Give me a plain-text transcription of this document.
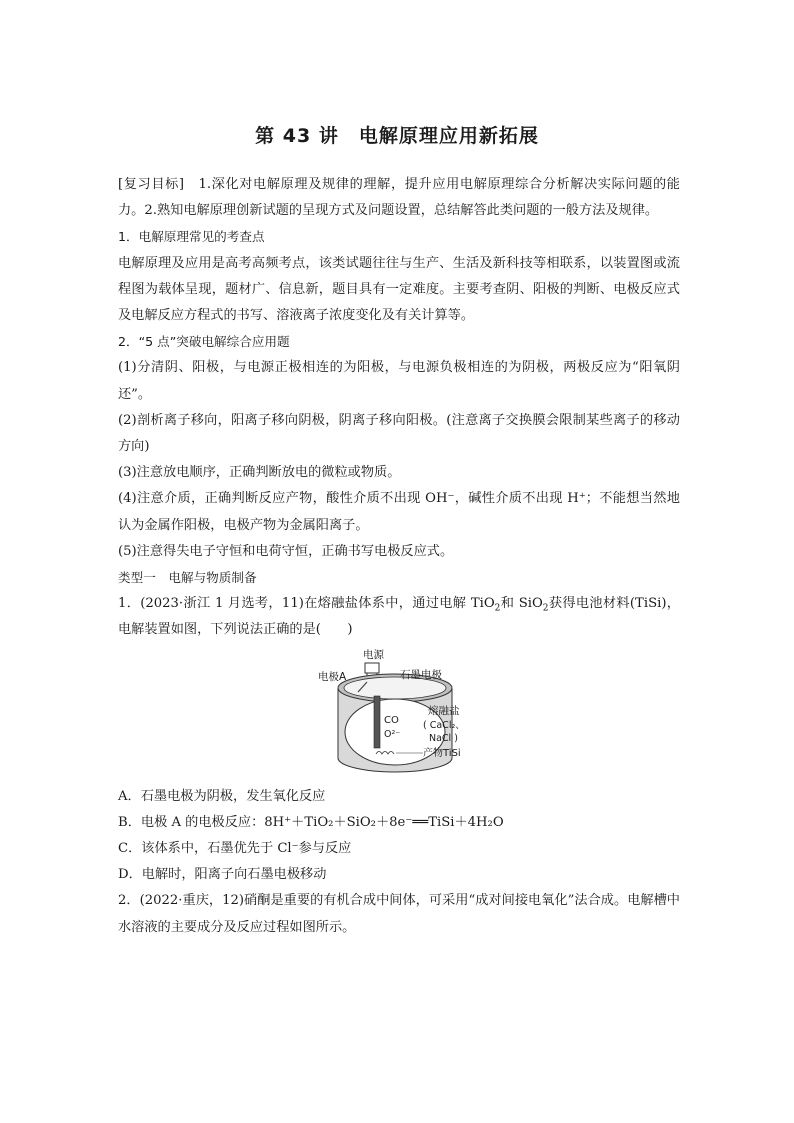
第 43 讲　电解原理应用新拓展

[复习目标]　1.深化对电解原理及规律的理解，提升应用电解原理综合分析解决实际问题的能力。2.熟知电解原理创新试题的呈现方式及问题设置，总结解答此类问题的一般方法及规律。

1．电解原理常见的考查点

电解原理及应用是高考高频考点，该类试题往往与生产、生活及新科技等相联系，以装置图或流程图为载体呈现，题材广、信息新，题目具有一定难度。主要考查阴、阳极的判断、电极反应式及电解反应方程式的书写、溶液离子浓度变化及有关计算等。

2．“5 点”突破电解综合应用题

(1)分清阴、阳极，与电源正极相连的为阳极，与电源负极相连的为阴极，两极反应为“阳氧阴还”。

(2)剖析离子移向，阳离子移向阴极，阴离子移向阳极。(注意离子交换膜会限制某些离子的移动方向)

(3)注意放电顺序，正确判断放电的微粒或物质。

(4)注意介质，正确判断反应产物，酸性介质不出现 OH⁻，碱性介质不出现 H⁺；不能想当然地认为金属作阳极，电极产物为金属阳离子。

(5)注意得失电子守恒和电荷守恒，正确书写电极反应式。

类型一　电解与物质制备

1．(2023·浙江 1 月选考，11)在熔融盐体系中，通过电解 TiO$_2$和 SiO$_2$获得电池材料(TiSi)，电解装置如图，下列说法正确的是(　　)

电源
电极A	石墨电极
熔融盐
( CaCl₂、
NaCl )
CO
O²⁻
产物TiSi

A．石墨电极为阴极，发生氧化反应

B．电极 A 的电极反应：8H⁺＋TiO₂＋SiO₂＋8e⁻══TiSi＋4H₂O

C．该体系中，石墨优先于 Cl⁻参与反应

D．电解时，阳离子向石墨电极移动

2．(2022·重庆，12)硝酮是重要的有机合成中间体，可采用“成对间接电氧化”法合成。电解槽中水溶液的主要成分及反应过程如图所示。
